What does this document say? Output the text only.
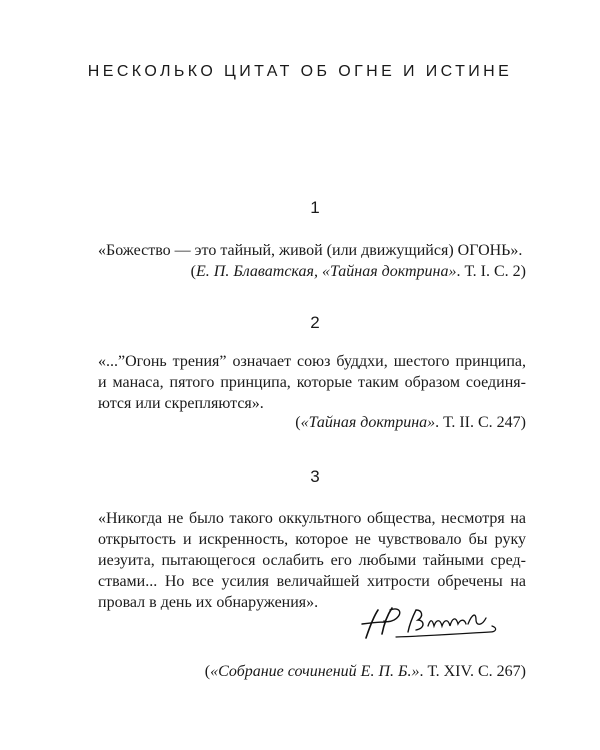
НЕСКОЛЬКО ЦИТАТ ОБ ОГНЕ И ИСТИНЕ
1
«Божество — это тайный, живой (или движущийся) ОГОНЬ».
(Е. П. Блаватская, «Тайная доктрина». Т. I. С. 2)
2
«...”Огонь трения” означает союз буддхи, шестого принципа,
и манаса, пятого принципа, которые таким образом соединя-
ются или скрепляются».
(«Тайная доктрина». Т. II. С. 247)
3
«Никогда не было такого оккультного общества, несмотря на
открытость и искренность, которое не чувствовало бы руку
иезуита, пытающегося ослабить его любыми тайными сред-
ствами... Но все усилия величайшей хитрости обречены на
провал в день их обнаружения».
(«Собрание сочинений Е. П. Б.». Т. XIV. С. 267)
